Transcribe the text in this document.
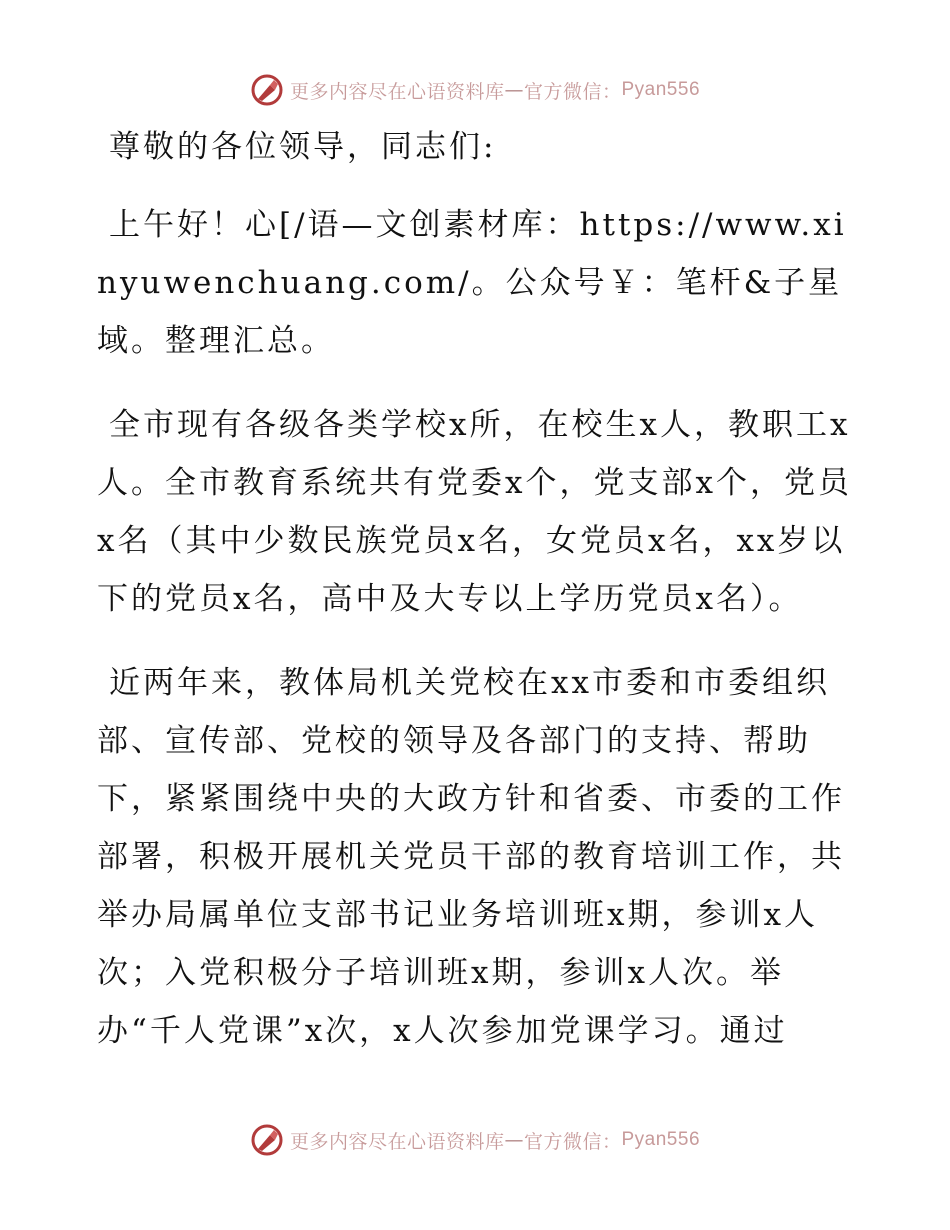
更多内容尽在心语资料库 — 官方微信： Pyan556

尊敬的各位领导，同志们:

上午好！心[/语—文创素材库：https://www.xinyuwenchuang.com/。公众号￥：笔杆&子星域。整理汇总。

全市现有各级各类学校x所，在校生x人，教职工x人。全市教育系统共有党委x个，党支部x个，党员x名（其中少数民族党员x名，女党员x名，xx岁以下的党员x名，高中及大专以上学历党员x名）。

近两年来，教体局机关党校在xx市委和市委组织部、宣传部、党校的领导及各部门的支持、帮助下，紧紧围绕中央的大政方针和省委、市委的工作部署，积极开展机关党员干部的教育培训工作，共举办局属单位支部书记业务培训班x期，参训x人次；入党积极分子培训班x期，参训x人次。举办“千人党课”x次，x人次参加党课学习。通过

更多内容尽在心语资料库 — 官方微信： Pyan556
